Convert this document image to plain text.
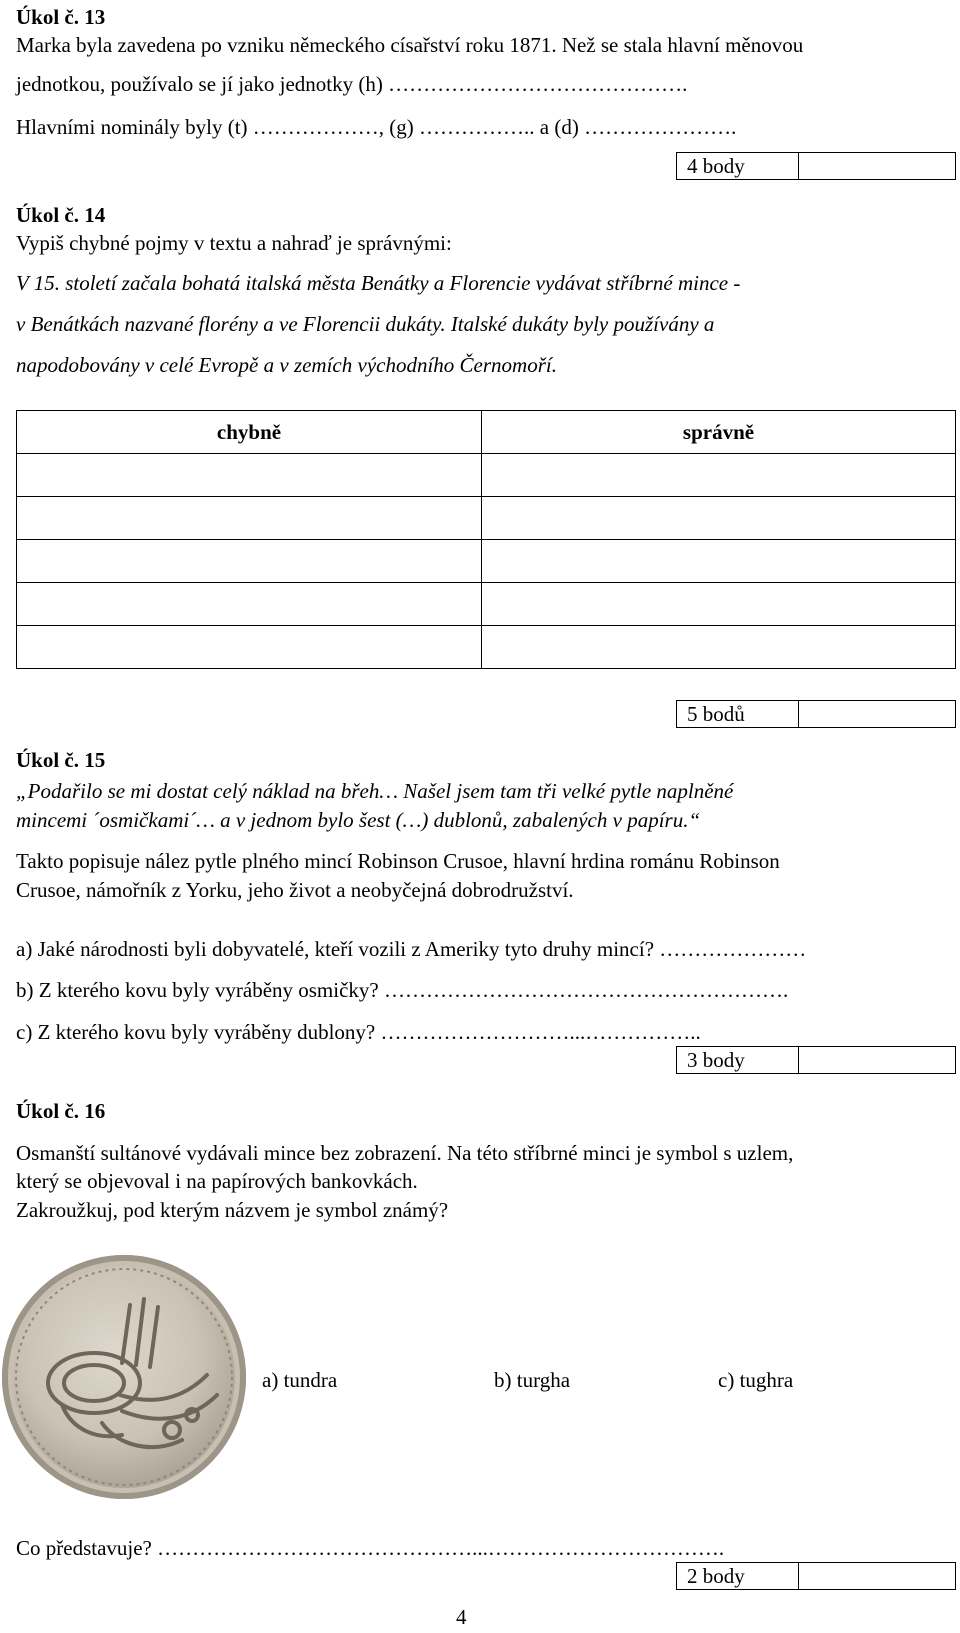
Úkol č. 13
Marka byla zavedena po vzniku německého císařství roku 1871. Než se stala hlavní měnovou
jednotkou, používalo se jí jako jednotky (h) …………………………………….
Hlavními nominály byly (t) ………………, (g) …………….. a (d) ………………….
4 body
Úkol č. 14
Vypiš chybné pojmy v textu a nahraď je správnými:
V 15. století začala bohatá italská města Benátky a Florencie vydávat stříbrné mince -
v Benátkách nazvané florény a ve Florencii dukáty. Italské dukáty byly používány a
napodobovány v celé Evropě a v zemích východního Černomoří.
chybně	správně

5 bodů
Úkol č. 15
„Podařilo se mi dostat celý náklad na břeh… Našel jsem tam tři velké pytle naplněné
mincemi ´osmičkami´… a v jednom bylo šest (…) dublonů, zabalených v papíru.“
Takto popisuje nález pytle plného mincí Robinson Crusoe, hlavní hrdina románu Robinson
Crusoe, námořník z Yorku, jeho život a neobyčejná dobrodružství.
a) Jaké národnosti byli dobyvatelé, kteří vozili z Ameriky tyto druhy mincí? …………………
b) Z kterého kovu byly vyráběny osmičky? ………………………………………………….
c) Z kterého kovu byly vyráběny dublony? ………………………...……………..
3 body
Úkol č. 16
Osmanští sultánové vydávali mince bez zobrazení. Na této stříbrné minci je symbol s uzlem,
který se objevoval i na papírových bankovkách.
Zakroužkuj, pod kterým názvem je symbol známý?
a) tundra	b) turgha	c) tughra
Co představuje? ………………………………………...…………………………….
2 body
4
